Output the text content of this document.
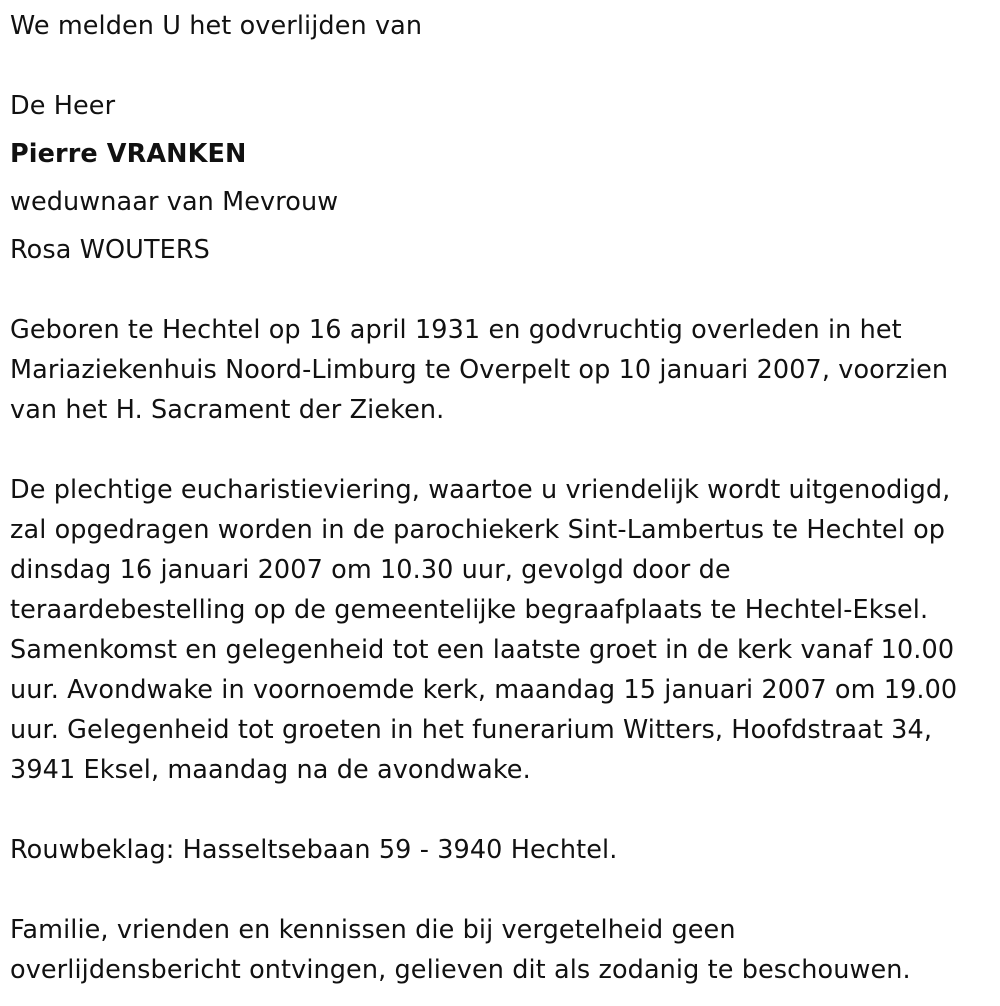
We melden U het overlijden van
De Heer
Pierre VRANKEN
weduwnaar van Mevrouw
Rosa WOUTERS
Geboren te Hechtel op 16 april 1931 en godvruchtig overleden in het
Mariaziekenhuis Noord-Limburg te Overpelt op 10 januari 2007, voorzien
van het H. Sacrament der Zieken.
De plechtige eucharistieviering, waartoe u vriendelijk wordt uitgenodigd,
zal opgedragen worden in de parochiekerk Sint-Lambertus te Hechtel op
dinsdag 16 januari 2007 om 10.30 uur, gevolgd door de
teraardebestelling op de gemeentelijke begraafplaats te Hechtel-Eksel.
Samenkomst en gelegenheid tot een laatste groet in de kerk vanaf 10.00
uur. Avondwake in voornoemde kerk, maandag 15 januari 2007 om 19.00
uur. Gelegenheid tot groeten in het funerarium Witters, Hoofdstraat 34,
3941 Eksel, maandag na de avondwake.
Rouwbeklag: Hasseltsebaan 59 - 3940 Hechtel.
Familie, vrienden en kennissen die bij vergetelheid geen
overlijdensbericht ontvingen, gelieven dit als zodanig te beschouwen.
